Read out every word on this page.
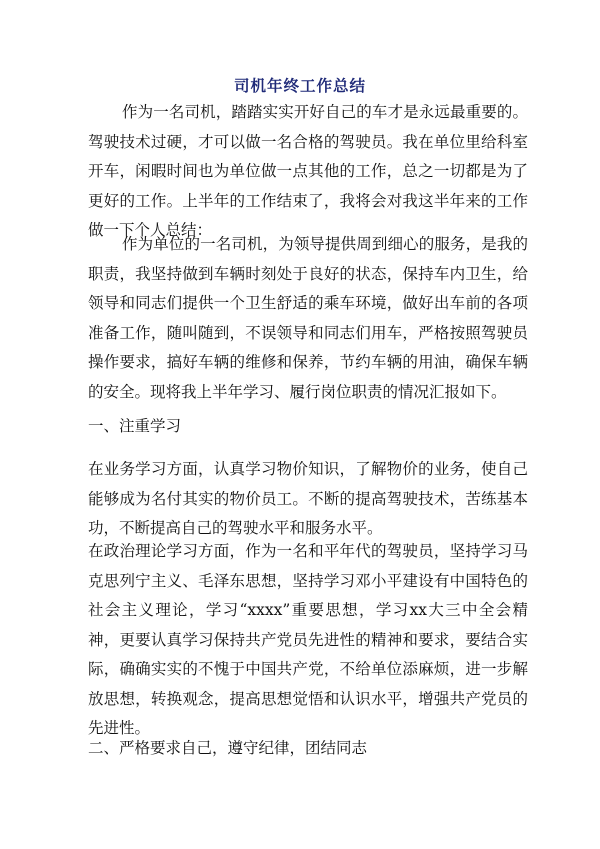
司机年终工作总结
作为一名司机，踏踏实实开好自己的车才是永远最重要的。驾驶技术过硬，才可以做一名合格的驾驶员。我在单位里给科室开车，闲暇时间也为单位做一点其他的工作，总之一切都是为了更好的工作。上半年的工作结束了，我将会对我这半年来的工作做一下个人总结：
作为单位的一名司机，为领导提供周到细心的服务，是我的职责，我坚持做到车辆时刻处于良好的状态，保持车内卫生，给领导和同志们提供一个卫生舒适的乘车环境，做好出车前的各项准备工作，随叫随到，不误领导和同志们用车，严格按照驾驶员操作要求，搞好车辆的维修和保养，节约车辆的用油，确保车辆的安全。现将我上半年学习、履行岗位职责的情况汇报如下。
一、注重学习
在业务学习方面，认真学习物价知识，了解物价的业务，使自己能够成为名付其实的物价员工。不断的提高驾驶技术，苦练基本功，不断提高自己的驾驶水平和服务水平。
在政治理论学习方面，作为一名和平年代的驾驶员，坚持学习马克思列宁主义、毛泽东思想，坚持学习邓小平建设有中国特色的社会主义理论，学习“xxxx”重要思想，学习xx大三中全会精神，更要认真学习保持共产党员先进性的精神和要求，要结合实际，确确实实的不愧于中国共产党，不给单位添麻烦，进一步解放思想，转换观念，提高思想觉悟和认识水平，增强共产党员的先进性。
二、严格要求自己，遵守纪律，团结同志
